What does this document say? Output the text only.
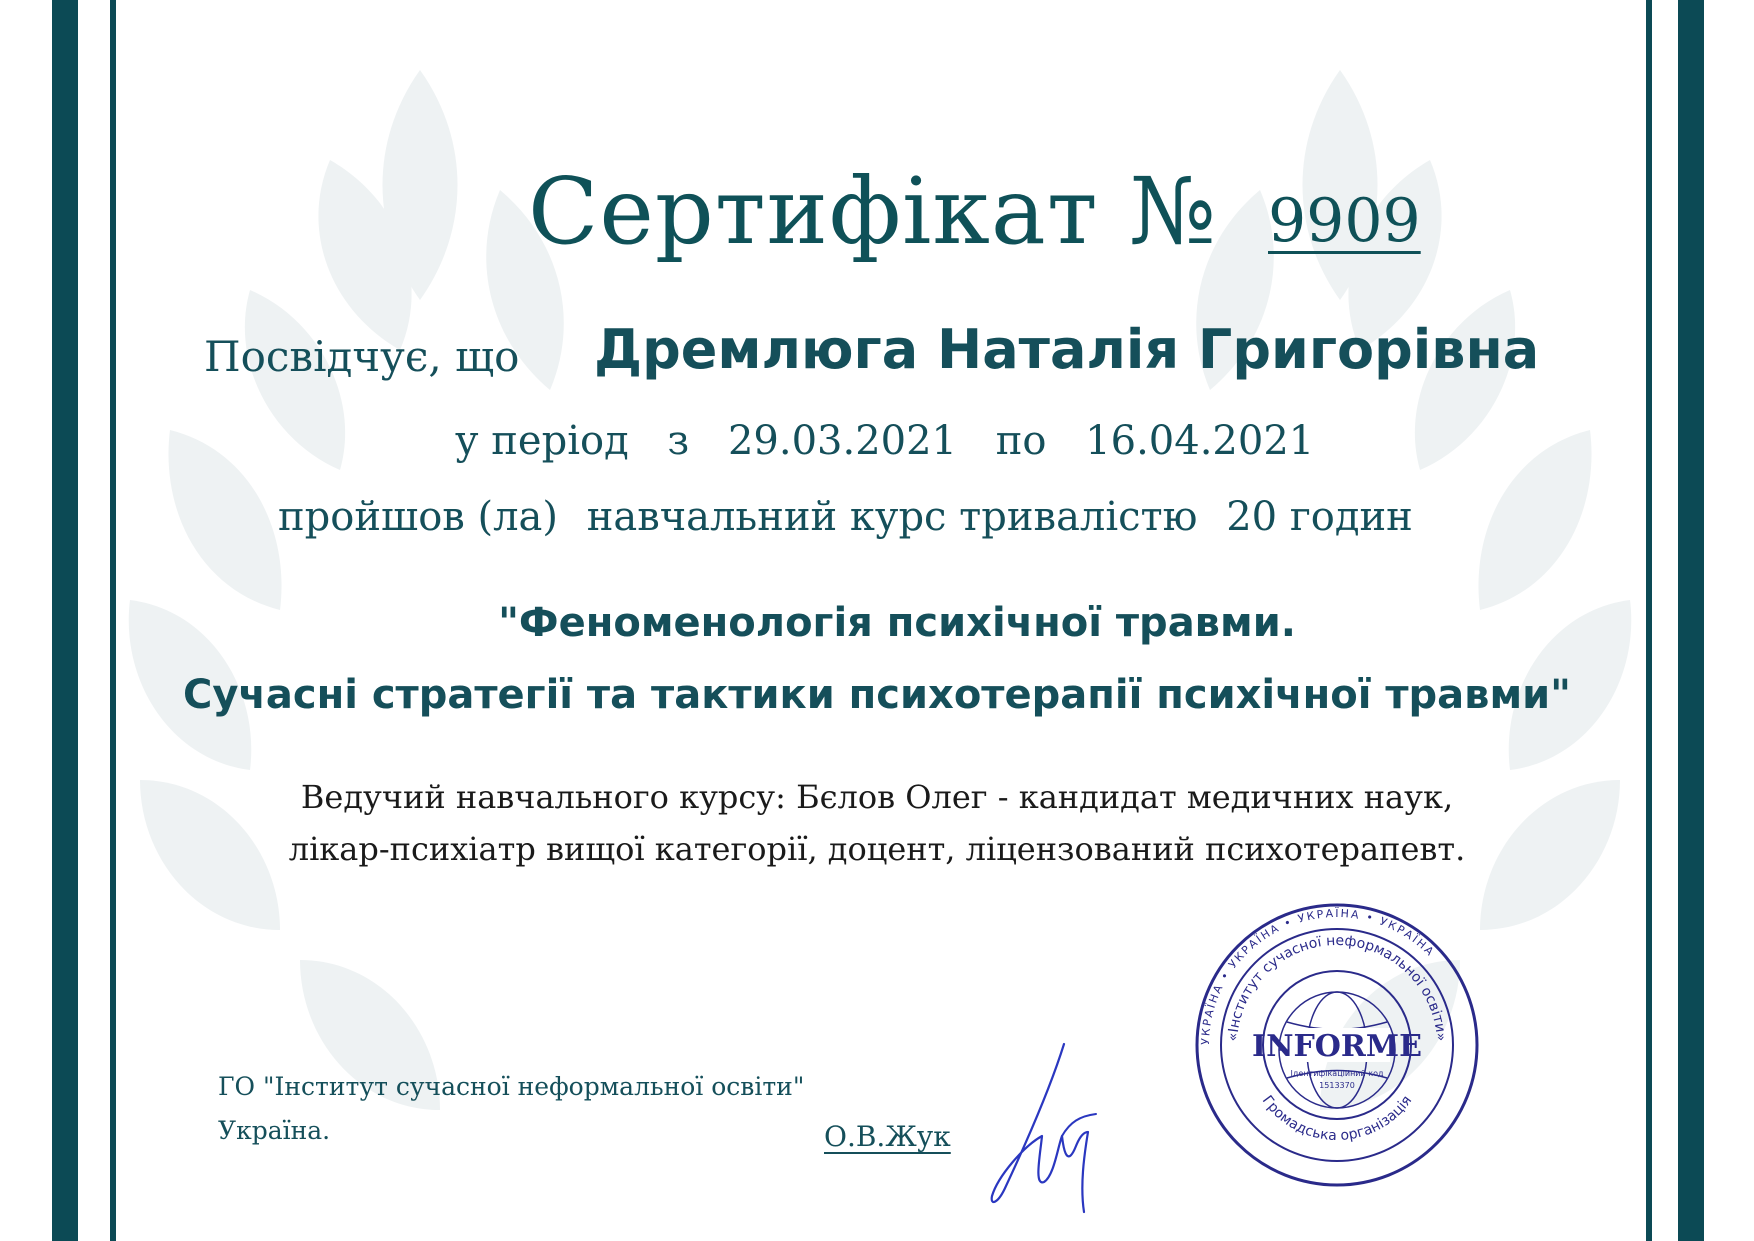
Сертифікат № 9909
Посвідчує, що Дремлюга Наталія Григорівна
у період з 29.03.2021 по 16.04.2021
пройшов (ла) навчальний курс тривалістю 20 годин
"Феноменологія психічної травми.
Сучасні стратегії та тактики психотерапії психічної травми"
Ведучий навчального курсу: Бєлов Олег - кандидат медичних наук,
лікар-психіатр вищої категорії, доцент, ліцензований психотерапевт.
ГО "Інститут сучасної неформальної освіти"
Україна.	О.В.Жук
УКРАЇНА • УКРАЇНА • УКРАЇНА • УКРАЇНА
«Інститут сучасної неформальної освіти»
Громадська організація
INFORME
Ідентифікаційний код
1513370
